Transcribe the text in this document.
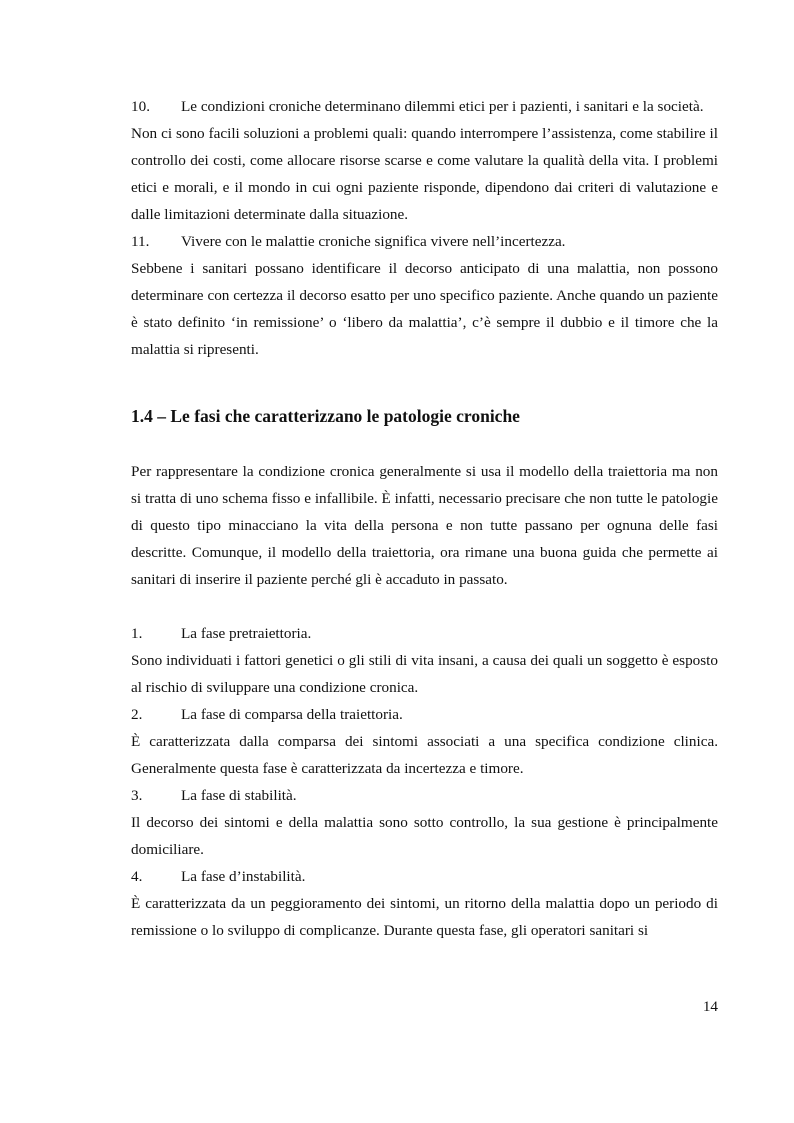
10. Le condizioni croniche determinano dilemmi etici per i pazienti, i sanitari e la società.

Non ci sono facili soluzioni a problemi quali: quando interrompere l’assistenza, come stabilire il controllo dei costi, come allocare risorse scarse e come valutare la qualità della vita. I problemi etici e morali, e il mondo in cui ogni paziente risponde, dipendono dai criteri di valutazione e dalle limitazioni determinate dalla situazione.

11. Vivere con le malattie croniche significa vivere nell’incertezza.

Sebbene i sanitari possano identificare il decorso anticipato di una malattia, non possono determinare con certezza il decorso esatto per uno specifico paziente. Anche quando un paziente è stato definito ‘in remissione’ o ‘libero da malattia’, c’è sempre il dubbio e il timore che la malattia si ripresenti.

1.4 – Le fasi che caratterizzano le patologie croniche

Per rappresentare la condizione cronica generalmente si usa il modello della traiettoria ma non si tratta di uno schema fisso e infallibile. È infatti, necessario precisare che non tutte le patologie di questo tipo minacciano la vita della persona e non tutte passano per ognuna delle fasi descritte. Comunque, il modello della traiettoria, ora rimane una buona guida che permette ai sanitari di inserire il paziente perché gli è accaduto in passato.

1.	La fase pretraiettoria.

Sono individuati i fattori genetici o gli stili di vita insani, a causa dei quali un soggetto è esposto al rischio di sviluppare una condizione cronica.

2.	La fase di comparsa della traiettoria.

È caratterizzata dalla comparsa dei sintomi associati a una specifica condizione clinica. Generalmente questa fase è caratterizzata da incertezza e timore.

3.	La fase di stabilità.

Il decorso dei sintomi e della malattia sono sotto controllo, la sua gestione è principalmente domiciliare.

4.	La fase d’instabilità.

È caratterizzata da un peggioramento dei sintomi, un ritorno della malattia dopo un periodo di remissione o lo sviluppo di complicanze. Durante questa fase, gli operatori sanitari si

14
